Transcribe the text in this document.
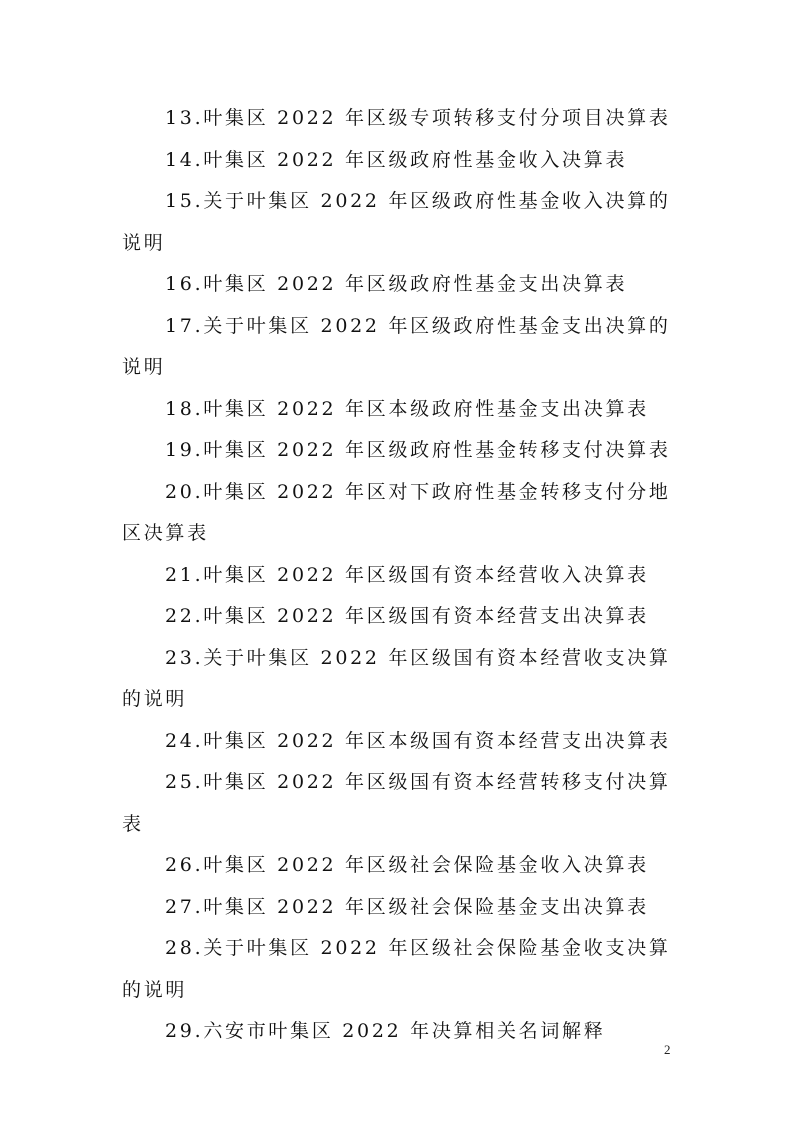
13.叶集区 2022 年区级专项转移支付分项目决算表
14.叶集区 2022 年区级政府性基金收入决算表
15.关于叶集区 2022 年区级政府性基金收入决算的说明
16.叶集区 2022 年区级政府性基金支出决算表
17.关于叶集区 2022 年区级政府性基金支出决算的说明
18.叶集区 2022 年区本级政府性基金支出决算表
19.叶集区 2022 年区级政府性基金转移支付决算表
20.叶集区 2022 年区对下政府性基金转移支付分地区决算表
21.叶集区 2022 年区级国有资本经营收入决算表
22.叶集区 2022 年区级国有资本经营支出决算表
23.关于叶集区 2022 年区级国有资本经营收支决算的说明
24.叶集区 2022 年区本级国有资本经营支出决算表
25.叶集区 2022 年区级国有资本经营转移支付决算表
26.叶集区 2022 年区级社会保险基金收入决算表
27.叶集区 2022 年区级社会保险基金支出决算表
28.关于叶集区 2022 年区级社会保险基金收支决算的说明
29.六安市叶集区 2022 年决算相关名词解释
2
